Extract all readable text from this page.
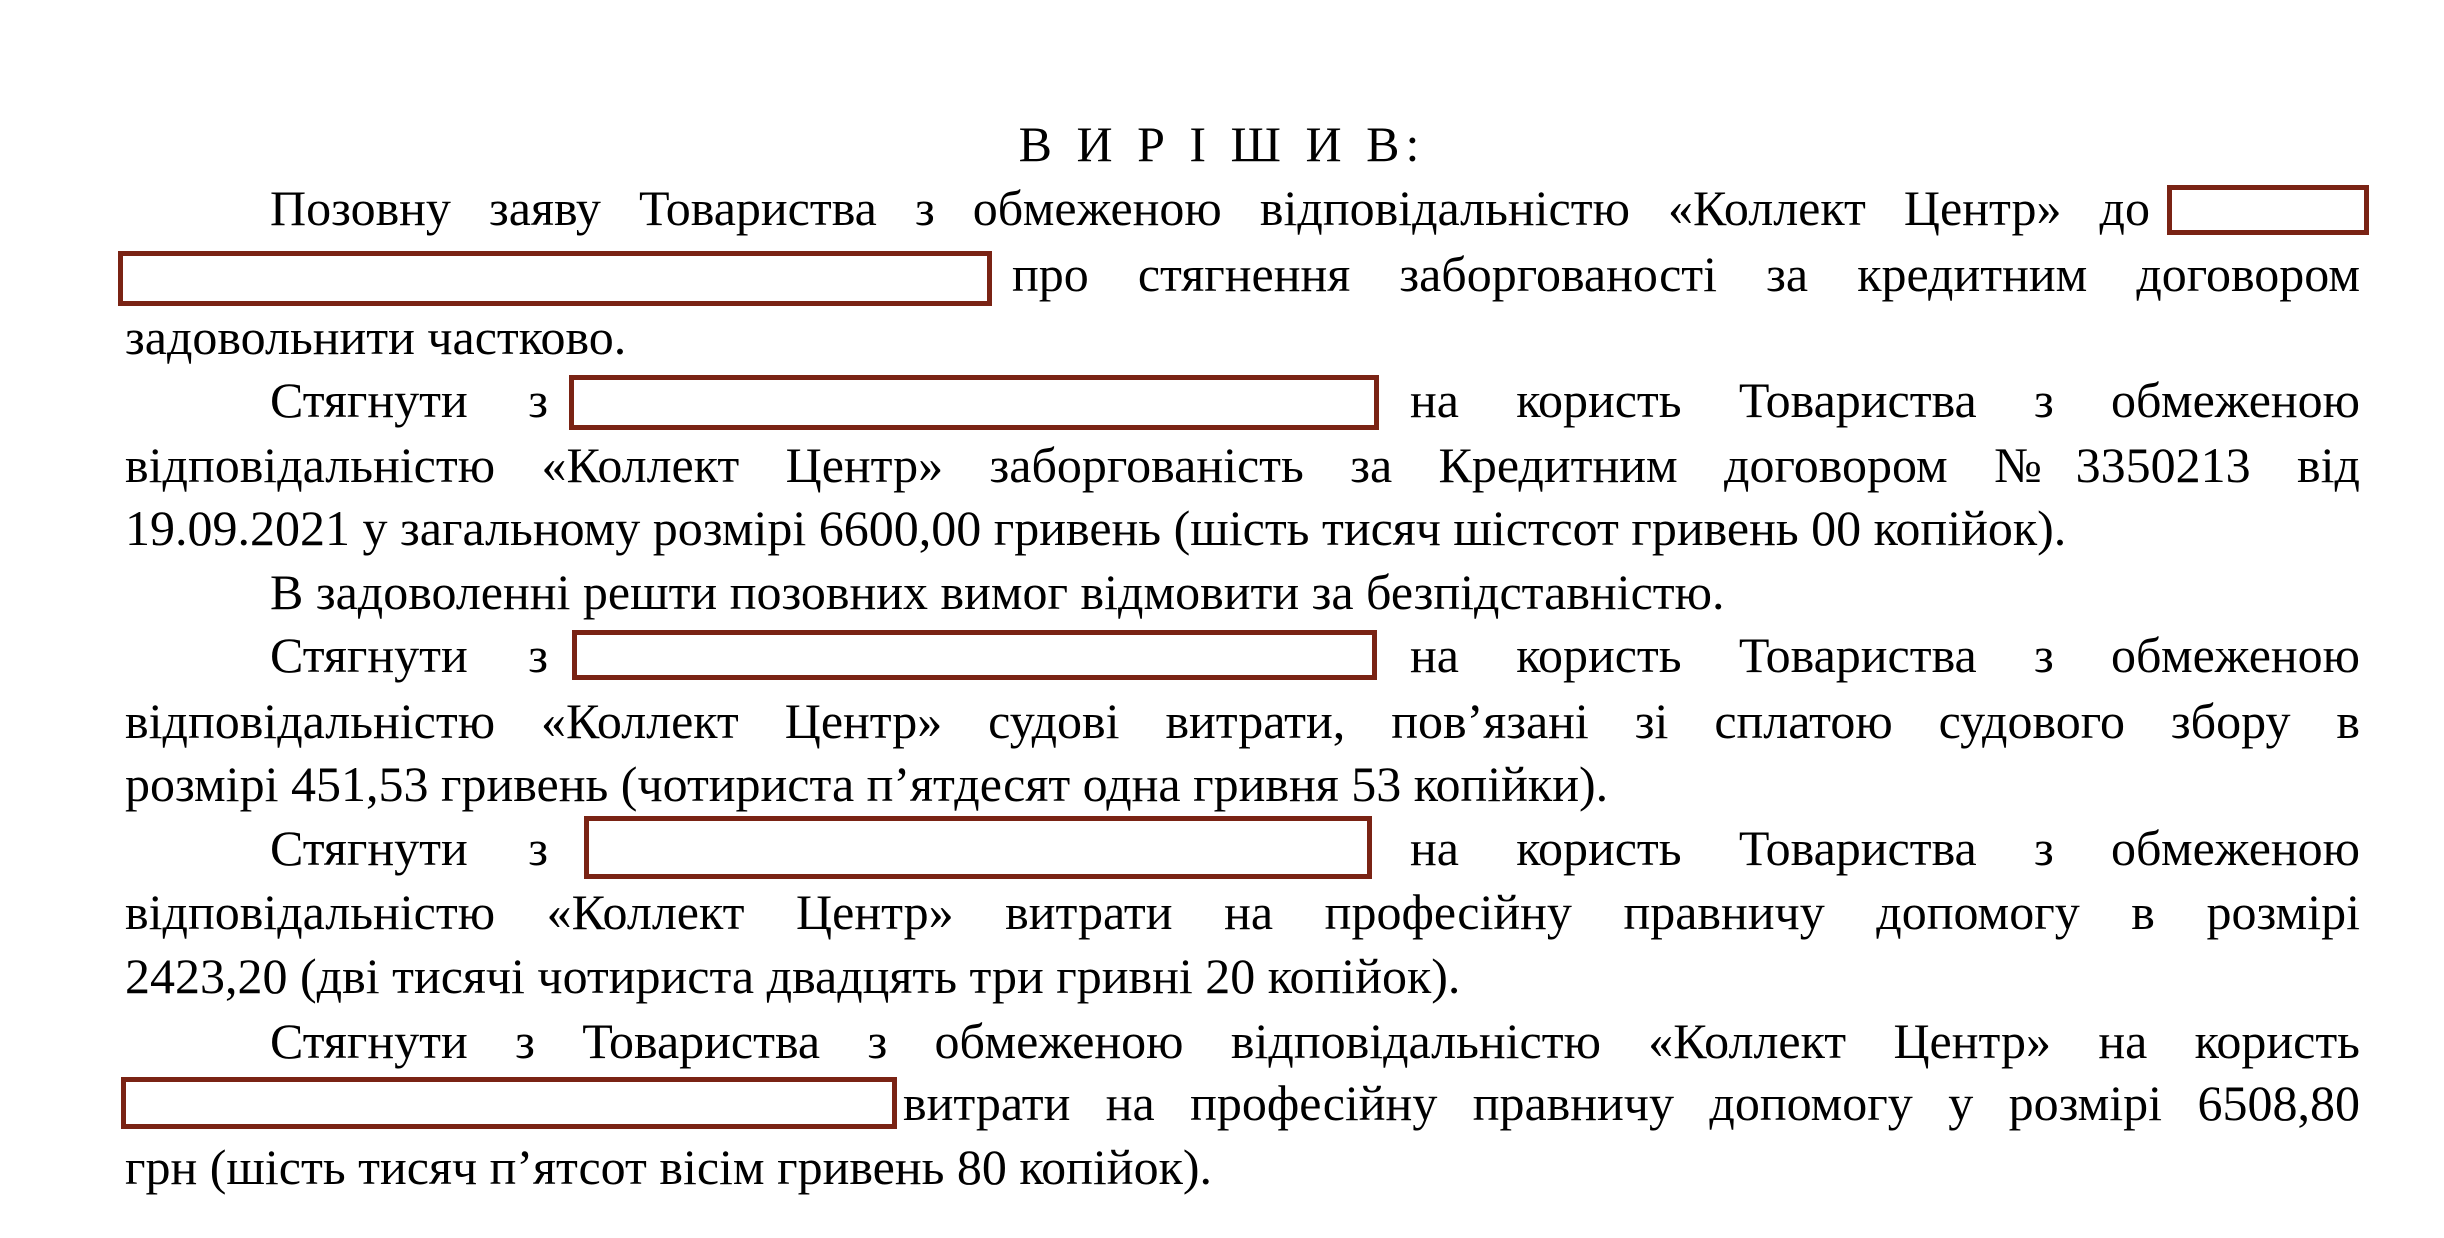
В И Р І Ш И В:
Позовну заяву Товариства з обмеженою відповідальністю «Коллект Центр» до
про стягнення заборгованості за кредитним договором
задовольнити частково.
Стягнути з	на користь Товариства з обмеженою
відповідальністю «Коллект Центр» заборгованість за Кредитним договором №3350213 від
19.09.2021 у загальному розмірі 6600,00 гривень (шість тисяч шістсот гривень 00 копійок).
В задоволенні решти позовних вимог відмовити за безпідставністю.
Стягнути з	на користь Товариства з обмеженою
відповідальністю «Коллект Центр» судові витрати, пов’язані зі сплатою судового збору в
розмірі 451,53 гривень (чотириста п’ятдесят одна гривня 53 копійки).
Стягнути з	на користь Товариства з обмеженою
відповідальністю «Коллект Центр» витрати на професійну правничу допомогу в розмірі
2423,20 (дві тисячі чотириста двадцять три гривні 20 копійок).
Стягнути з Товариства з обмеженою відповідальністю «Коллект Центр» на користь
витрати на професійну правничу допомогу у розмірі 6508,80
грн (шість тисяч п’ятсот вісім гривень 80 копійок).
